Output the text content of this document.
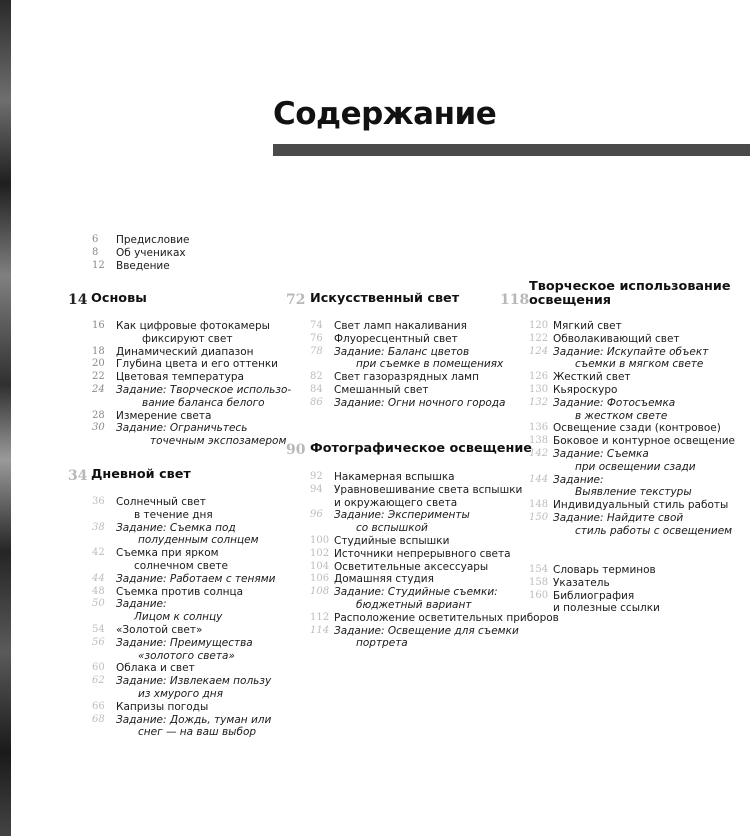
Содержание
6 Предисловие
8 Об учениках
12 Введение
14 Основы
16 Как цифровые фотокамеры
фиксируют свет
18 Динамический диапазон
20 Глубина цвета и его оттенки
22 Цветовая температура
24 Задание: Творческое использо-
вание баланса белого
28 Измерение света
30 Задание: Ограничьтесь
точечным экспозамером
34 Дневной свет
36 Солнечный свет
в течение дня
38 Задание: Съемка под
полуденным солнцем
42 Съемка при ярком
солнечном свете
44 Задание: Работаем с тенями
48 Съемка против солнца
50 Задание:
Лицом к солнцу
54 «Золотой свет»
56 Задание: Преимущества
«золотого света»
60 Облака и свет
62 Задание: Извлекаем пользу
из хмурого дня
66 Капризы погоды
68 Задание: Дождь, туман или
снег — на ваш выбор
72 Искусственный свет
74 Свет ламп накаливания
76 Флуоресцентный свет
78 Задание: Баланс цветов
при съемке в помещениях
82 Свет газоразрядных ламп
84 Смешанный свет
86 Задание: Огни ночного города
90 Фотографическое освещение
92 Накамерная вспышка
94 Уравновешивание света вспышки
и окружающего света
96 Задание: Эксперименты
со вспышкой
100 Студийные вспышки
102 Источники непрерывного света
104 Осветительные аксессуары
106 Домашняя студия
108 Задание: Студийные съемки:
бюджетный вариант
112 Расположение осветительных приборов
114 Задание: Освещение для съемки
портрета
118
Творческое использование
освещения
120 Мягкий свет
122 Обволакивающий свет
124 Задание: Искупайте объект
съемки в мягком свете
126 Жесткий свет
130 Кьяроскуро
132 Задание: Фотосъемка
в жестком свете
136 Освещение сзади (контровое)
138 Боковое и контурное освещение
142 Задание: Съемка
при освещении сзади
144 Задание:
Выявление текстуры
148 Индивидуальный стиль работы
150 Задание: Найдите свой
стиль работы с освещением
154 Словарь терминов
158 Указатель
160 Библиография
и полезные ссылки
